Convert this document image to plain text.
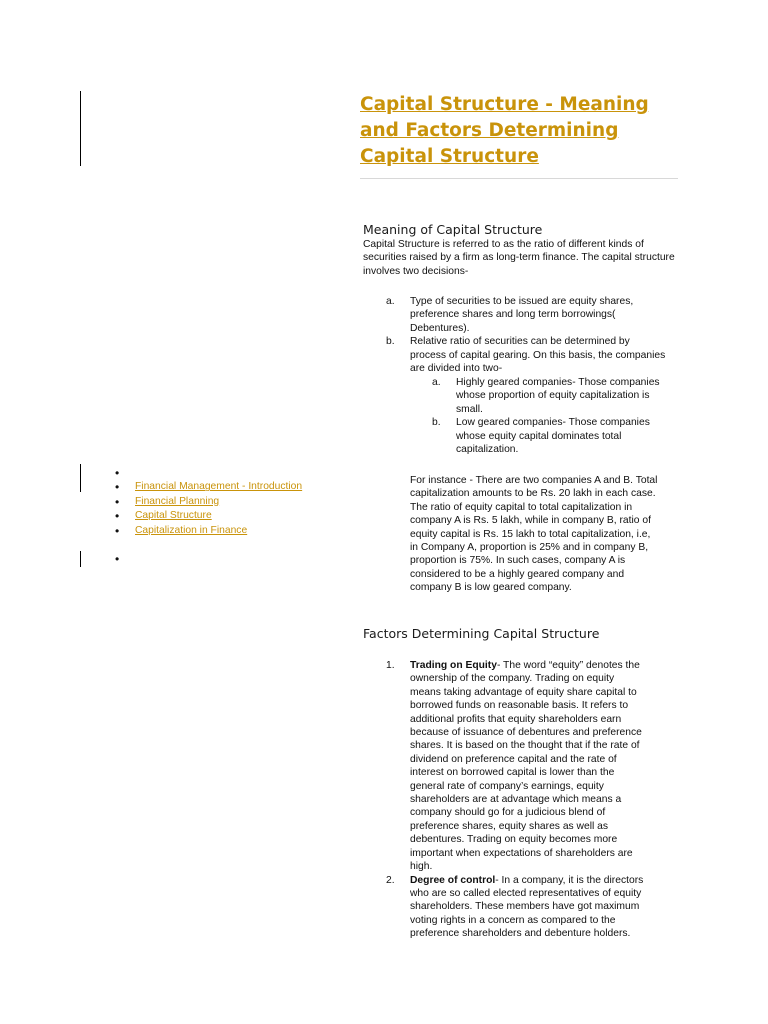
Capital Structure - Meaning and Factors Determining Capital Structure
Meaning of Capital Structure

Capital Structure is referred to as the ratio of different kinds of securities raised by a firm as long-term finance. The capital structure involves two decisions-

a. Type of securities to be issued are equity shares, preference shares and long term borrowings( Debentures).
b. Relative ratio of securities can be determined by process of capital gearing. On this basis, the companies are divided into two-
a. Highly geared companies- Those companies whose proportion of equity capitalization is small.
b. Low geared companies- Those companies whose equity capital dominates total capitalization.

For instance - There are two companies A and B. Total capitalization amounts to be Rs. 20 lakh in each case. The ratio of equity capital to total capitalization in company A is Rs. 5 lakh, while in company B, ratio of equity capital is Rs. 15 lakh to total capitalization, i.e, in Company A, proportion is 25% and in company B, proportion is 75%. In such cases, company A is considered to be a highly geared company and company B is low geared company.

Factors Determining Capital Structure
1. Trading on Equity- The word “equity” denotes the ownership of the company. Trading on equity means taking advantage of equity share capital to borrowed funds on reasonable basis. It refers to additional profits that equity shareholders earn because of issuance of debentures and preference shares. It is based on the thought that if the rate of dividend on preference capital and the rate of interest on borrowed capital is lower than the general rate of company’s earnings, equity shareholders are at advantage which means a company should go for a judicious blend of preference shares, equity shares as well as debentures. Trading on equity becomes more important when expectations of shareholders are high.
2. Degree of control- In a company, it is the directors who are so called elected representatives of equity shareholders. These members have got maximum voting rights in a concern as compared to the preference shareholders and debenture holders.
•
• Financial Management - Introduction
• Financial Planning
• Capital Structure
• Capitalization in Finance
•
